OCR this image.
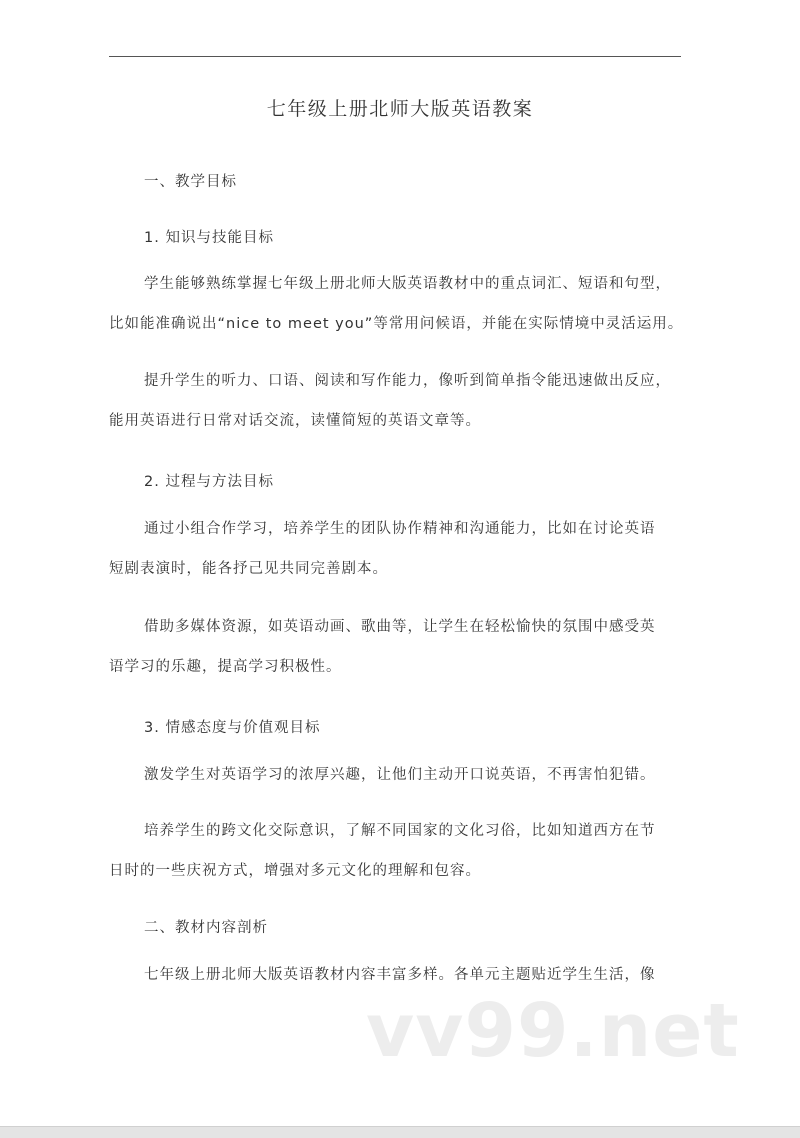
七年级上册北师大版英语教案
一、教学目标
1. 知识与技能目标

学生能够熟练掌握七年级上册北师大版英语教材中的重点词汇、短语和句型，
比如能准确说出“nice to meet you”等常用问候语，并能在实际情境中灵活运用。

提升学生的听力、口语、阅读和写作能力，像听到简单指令能迅速做出反应，
能用英语进行日常对话交流，读懂简短的英语文章等。

2. 过程与方法目标

通过小组合作学习，培养学生的团队协作精神和沟通能力，比如在讨论英语
短剧表演时，能各抒己见共同完善剧本。

借助多媒体资源，如英语动画、歌曲等，让学生在轻松愉快的氛围中感受英
语学习的乐趣，提高学习积极性。

3. 情感态度与价值观目标

激发学生对英语学习的浓厚兴趣，让他们主动开口说英语，不再害怕犯错。

培养学生的跨文化交际意识，了解不同国家的文化习俗，比如知道西方在节
日时的一些庆祝方式，增强对多元文化的理解和包容。

二、教材内容剖析

七年级上册北师大版英语教材内容丰富多样。各单元主题贴近学生生活，像

vv99.net
